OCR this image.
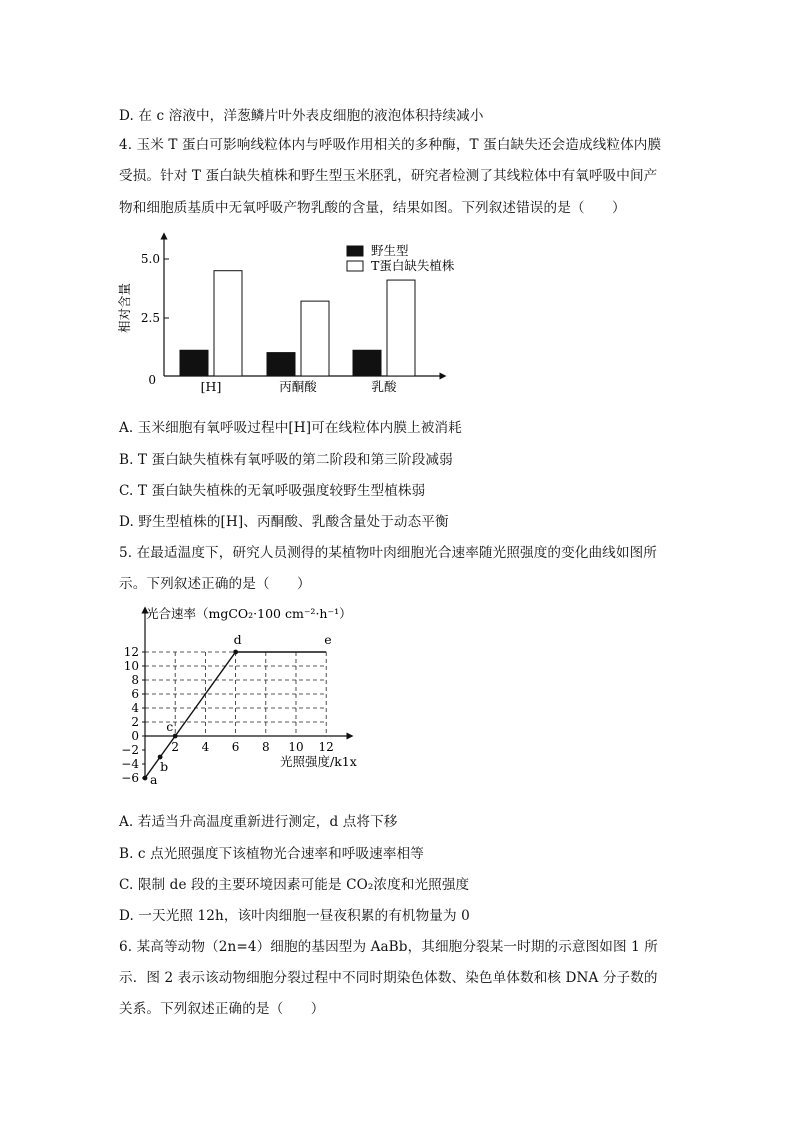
D. 在 c 溶液中，洋葱鳞片叶外表皮细胞的液泡体积持续减小
4. 玉米 T 蛋白可影响线粒体内与呼吸作用相关的多种酶，T 蛋白缺失还会造成线粒体内膜
受损。针对 T 蛋白缺失植株和野生型玉米胚乳，研究者检测了其线粒体中有氧呼吸中间产
物和细胞质基质中无氧呼吸产物乳酸的含量，结果如图。下列叙述错误的是（　　）
5.0
2.5
0
相对含量
[H]	丙酮酸	乳酸
野生型
T蛋白缺失植株
A. 玉米细胞有氧呼吸过程中[H]可在线粒体内膜上被消耗
B. T 蛋白缺失植株有氧呼吸的第二阶段和第三阶段减弱
C. T 蛋白缺失植株的无氧呼吸强度较野生型植株弱
D. 野生型植株的[H]、丙酮酸、乳酸含量处于动态平衡
5. 在最适温度下，研究人员测得的某植物叶肉细胞光合速率随光照强度的变化曲线如图所
示。下列叙述正确的是（　　）
光合速率（mgCO₂·100 cm⁻²·h⁻¹）
12
10
8
6
4
2
0
−2
−4
−6
2 4 6 8 10 12
a
b
c
d	e
光照强度/k1x
A. 若适当升高温度重新进行测定，d 点将下移
B. c 点光照强度下该植物光合速率和呼吸速率相等
C. 限制 de 段的主要环境因素可能是 CO₂浓度和光照强度
D. 一天光照 12h，该叶肉细胞一昼夜积累的有机物量为 0
6. 某高等动物（2n=4）细胞的基因型为 AaBb，其细胞分裂某一时期的示意图如图 1 所
示．图 2 表示该动物细胞分裂过程中不同时期染色体数、染色单体数和核 DNA 分子数的
关系。下列叙述正确的是（　　）
